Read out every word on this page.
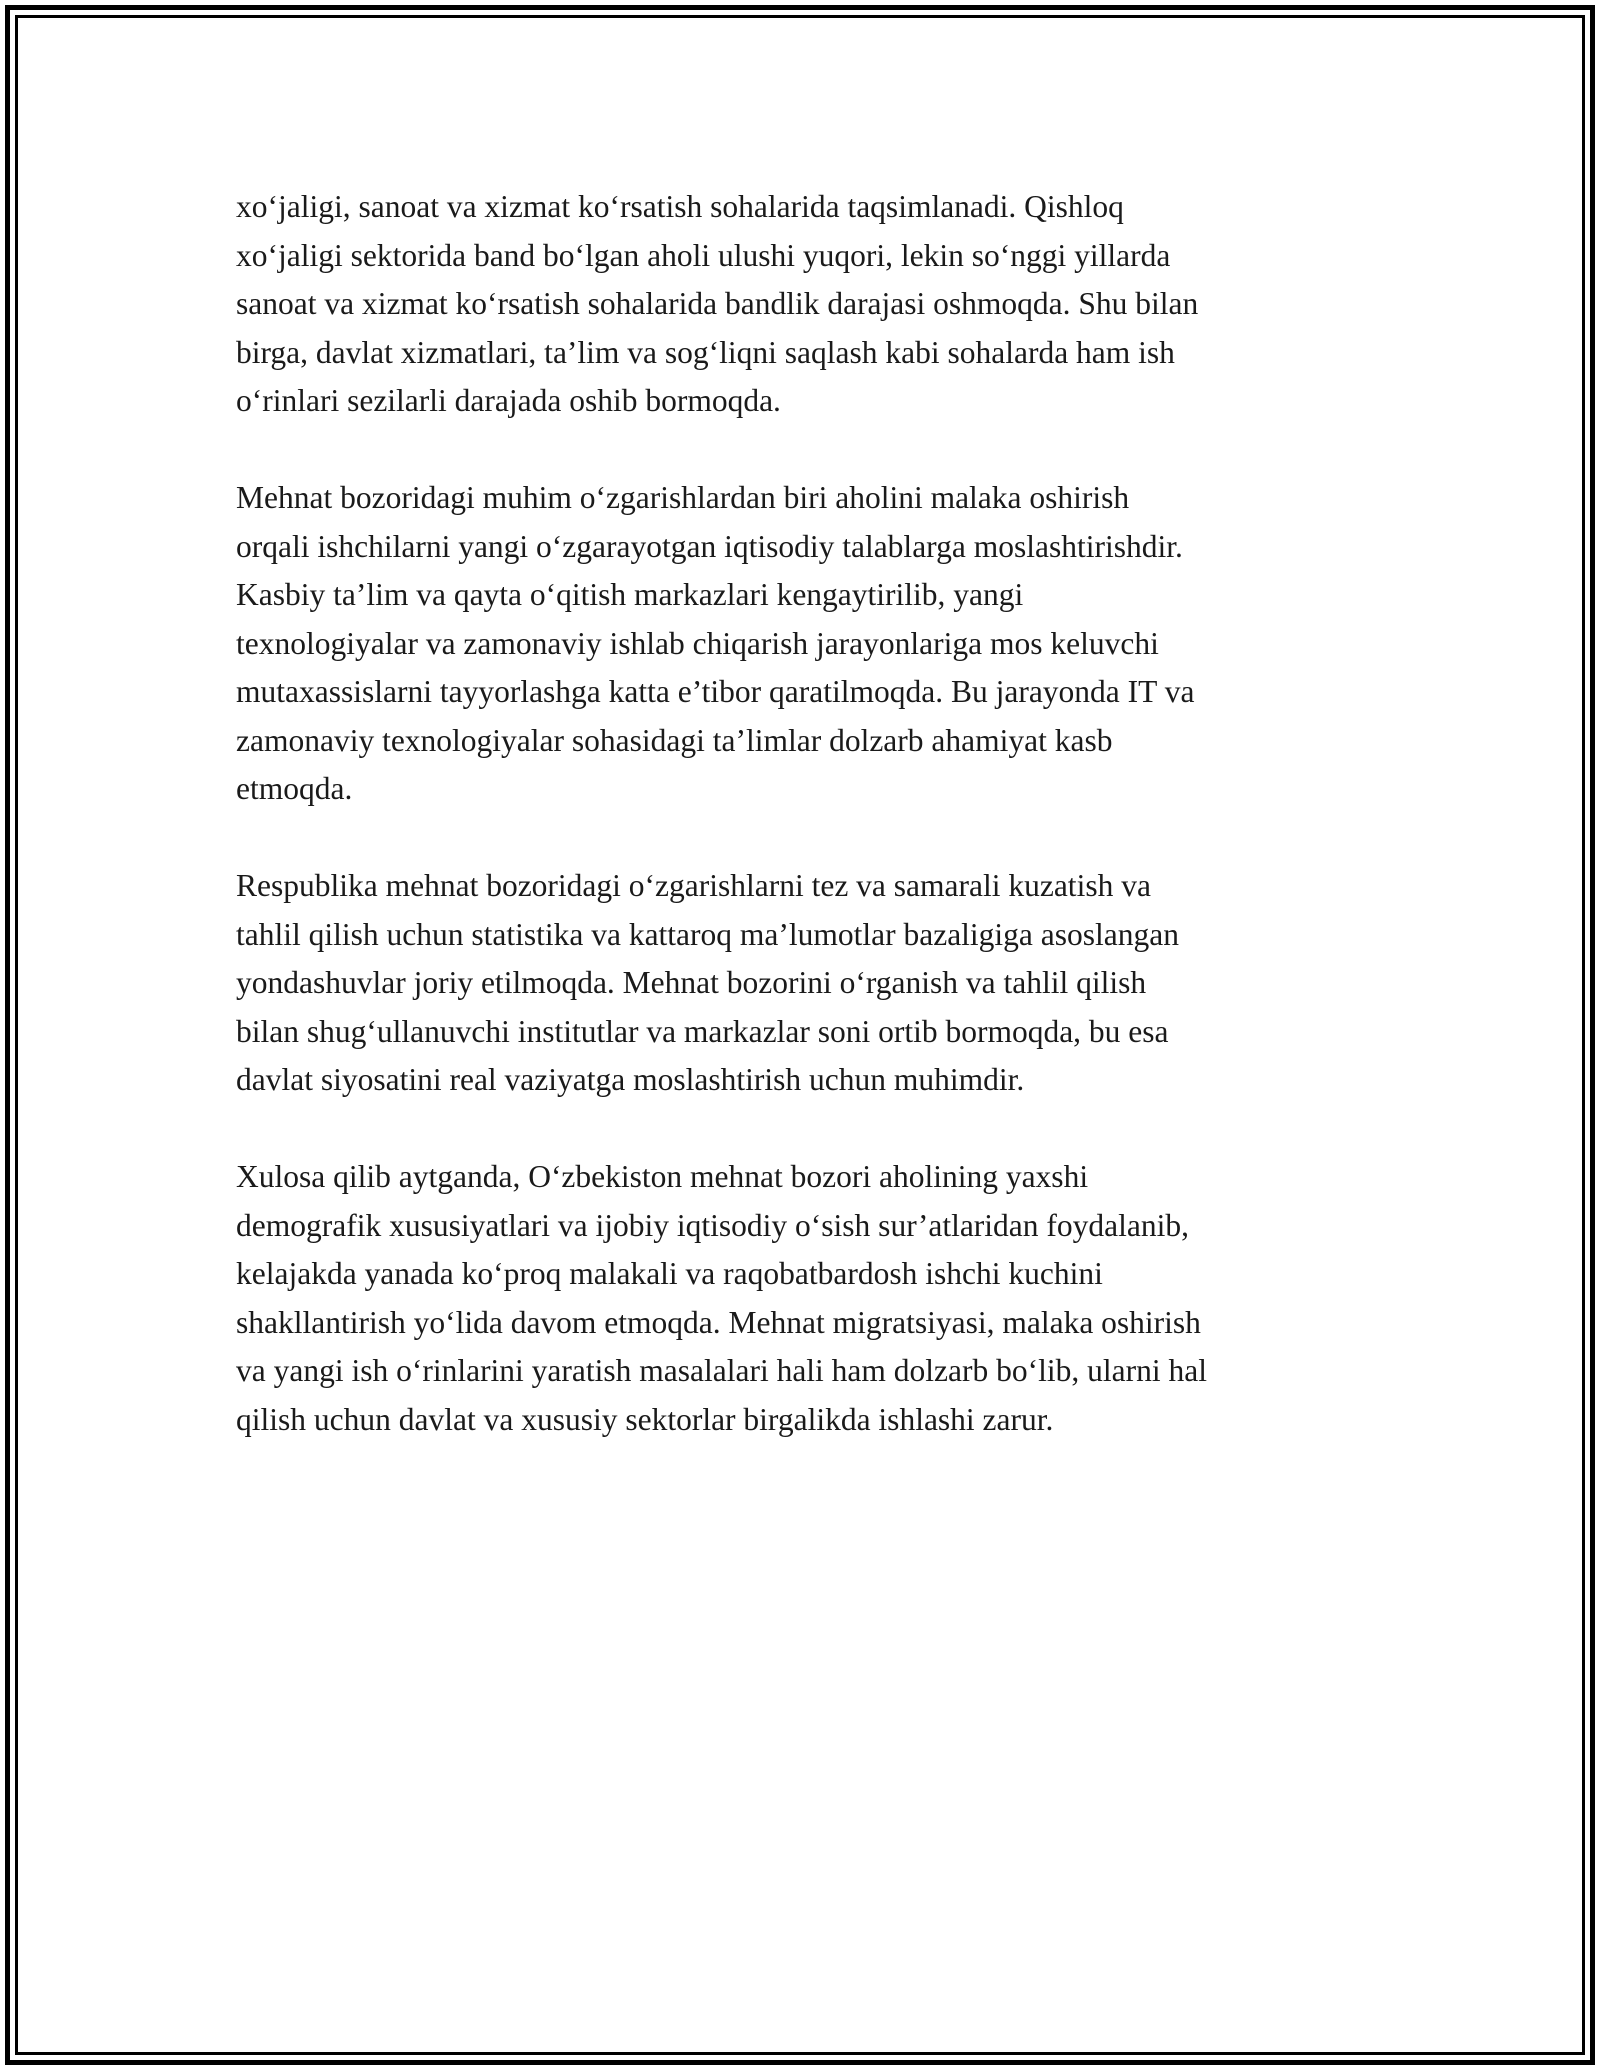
xo‘jaligi, sanoat va xizmat ko‘rsatish sohalarida taqsimlanadi. Qishloq
xo‘jaligi sektorida band bo‘lgan aholi ulushi yuqori, lekin so‘nggi yillarda
sanoat va xizmat ko‘rsatish sohalarida bandlik darajasi oshmoqda. Shu bilan
birga, davlat xizmatlari, ta’lim va sog‘liqni saqlash kabi sohalarda ham ish
o‘rinlari sezilarli darajada oshib bormoqda.

Mehnat bozoridagi muhim o‘zgarishlardan biri aholini malaka oshirish
orqali ishchilarni yangi o‘zgarayotgan iqtisodiy talablarga moslashtirishdir.
Kasbiy ta’lim va qayta o‘qitish markazlari kengaytirilib, yangi
texnologiyalar va zamonaviy ishlab chiqarish jarayonlariga mos keluvchi
mutaxassislarni tayyorlashga katta e’tibor qaratilmoqda. Bu jarayonda IT va
zamonaviy texnologiyalar sohasidagi ta’limlar dolzarb ahamiyat kasb
etmoqda.

Respublika mehnat bozoridagi o‘zgarishlarni tez va samarali kuzatish va
tahlil qilish uchun statistika va kattaroq ma’lumotlar bazaligiga asoslangan
yondashuvlar joriy etilmoqda. Mehnat bozorini o‘rganish va tahlil qilish
bilan shug‘ullanuvchi institutlar va markazlar soni ortib bormoqda, bu esa
davlat siyosatini real vaziyatga moslashtirish uchun muhimdir.

Xulosa qilib aytganda, O‘zbekiston mehnat bozori aholining yaxshi
demografik xususiyatlari va ijobiy iqtisodiy o‘sish sur’atlaridan foydalanib,
kelajakda yanada ko‘proq malakali va raqobatbardosh ishchi kuchini
shakllantirish yo‘lida davom etmoqda. Mehnat migratsiyasi, malaka oshirish
va yangi ish o‘rinlarini yaratish masalalari hali ham dolzarb bo‘lib, ularni hal
qilish uchun davlat va xususiy sektorlar birgalikda ishlashi zarur.
